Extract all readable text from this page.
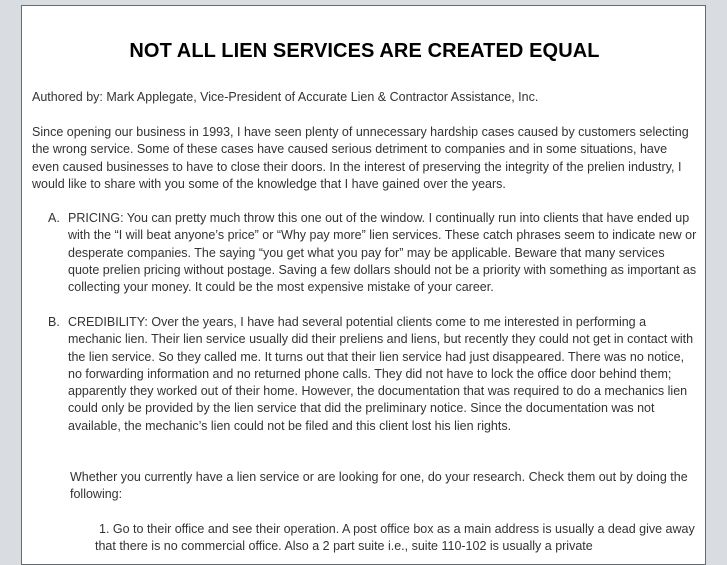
NOT ALL LIEN SERVICES ARE CREATED EQUAL

Authored by: Mark Applegate, Vice-President of Accurate Lien & Contractor Assistance, Inc.

Since opening our business in 1993, I have seen plenty of unnecessary hardship cases caused by customers selecting the wrong service. Some of these cases have caused serious detriment to companies and in some situations, have even caused businesses to have to close their doors. In the interest of preserving the integrity of the prelien industry, I would like to share with you some of the knowledge that I have gained over the years.

A. PRICING: You can pretty much throw this one out of the window. I continually run into clients that have ended up with the “I will beat anyone’s price” or “Why pay more” lien services. These catch phrases seem to indicate new or desperate companies. The saying “you get what you pay for” may be applicable. Beware that many services quote prelien pricing without postage. Saving a few dollars should not be a priority with something as important as collecting your money. It could be the most expensive mistake of your career.
B. CREDIBILITY: Over the years, I have had several potential clients come to me interested in performing a mechanic lien. Their lien service usually did their preliens and liens, but recently they could not get in contact with the lien service. So they called me. It turns out that their lien service had just disappeared. There was no notice, no forwarding information and no returned phone calls. They did not have to lock the office door behind them; apparently they worked out of their home. However, the documentation that was required to do a mechanics lien could only be provided by the lien service that did the preliminary notice. Since the documentation was not available, the mechanic’s lien could not be filed and this client lost his lien rights.

Whether you currently have a lien service or are looking for one, do your research. Check them out by doing the following:

1. Go to their office and see their operation. A post office box as a main address is usually a dead give away that there is no commercial office. Also a 2 part suite i.e., suite 110-102 is usually a private
